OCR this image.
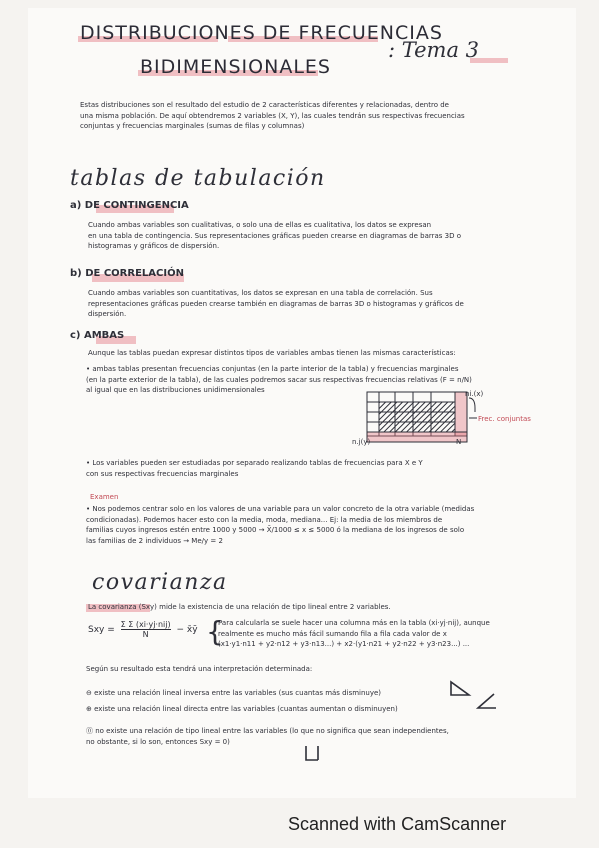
DISTRIBUCIONES DE FRECUENCIAS
BIDIMENSIONALES
: Tema 3
Estas distribuciones son el resultado del estudio de 2 características diferentes y relacionadas, dentro de
una misma población. De aquí obtendremos 2 variables (X, Y), las cuales tendrán sus respectivas frecuencias
conjuntas y frecuencias marginales (sumas de filas y columnas)
tablas de tabulación
a) DE CONTINGENCIA
Cuando ambas variables son cualitativas, o solo una de ellas es cualitativa, los datos se expresan
en una tabla de contingencia. Sus representaciones gráficas pueden crearse en diagramas de barras 3D o
histogramas y gráficos de dispersión.
b) DE CORRELACIÓN
Cuando ambas variables son cuantitativas, los datos se expresan en una tabla de correlación. Sus
representaciones gráficas pueden crearse también en diagramas de barras 3D o histogramas y gráficos de
dispersión.
c) AMBAS
Aunque las tablas puedan expresar distintos tipos de variables ambas tienen las mismas características:
• ambas tablas presentan frecuencias conjuntas (en la parte interior de la tabla) y frecuencias marginales
(en la parte exterior de la tabla), de las cuales podremos sacar sus respectivas frecuencias relativas (F = n/N)
al igual que en las distribuciones unidimensionales	ni.(x)
Frec. conjuntas
n.j(y)	N
• Los variables pueden ser estudiadas por separado realizando tablas de frecuencias para X e Y
con sus respectivas frecuencias marginales
Examen
• Nos podemos centrar solo en los valores de una variable para un valor concreto de la otra variable (medidas
condicionadas). Podemos hacer esto con la media, moda, mediana... Ej: la media de los miembros de
familias cuyos ingresos estén entre 1000 y 5000 → X̄/1000 ≤ x ≤ 5000 ó la mediana de los ingresos de solo
las familias de 2 individuos → Me/y = 2
covarianza
La covarianza (Sxy) mide la existencia de una relación de tipo lineal entre 2 variables.
Sxy =
Σ Σ (xi·yj·nij)
N	− x̄ȳ {
Para calcularla se suele hacer una columna más en la tabla (xi·yj·nij), aunque
realmente es mucho más fácil sumando fila a fila cada valor de x
(x1·y1·n11 + y2·n12 + y3·n13...) + x2·(y1·n21 + y2·n22 + y3·n23...) ...
Según su resultado esta tendrá una interpretación determinada:
⊖ existe una relación lineal inversa entre las variables (sus cuantas más disminuye)
⊕ existe una relación lineal directa entre las variables (cuantas aumentan o disminuyen)
⓪ no existe una relación de tipo lineal entre las variables (lo que no significa que sean independientes,
no obstante, si lo son, entonces Sxy = 0)
Scanned with CamScanner
